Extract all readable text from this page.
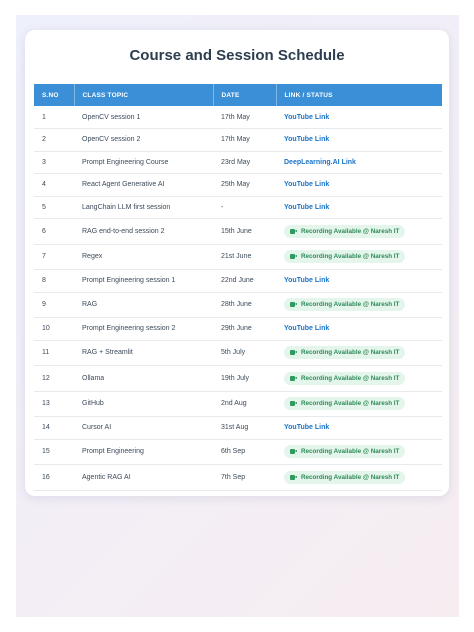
Course and Session Schedule
S.NO	CLASS TOPIC	DATE	LINK / STATUS
1	OpenCV session 1	17th May	YouTube Link
2	OpenCV session 2	17th May	YouTube Link
3	Prompt Engineering Course	23rd May	DeepLearning.AI Link
4	React Agent Generative AI	25th May	YouTube Link
5	LangChain LLM first session	-	YouTube Link
6	RAG end-to-end session 2	15th June	Recording Available @ Naresh IT

7	Regex	21st June	Recording Available @ Naresh IT

8	Prompt Engineering session 1	22nd June	YouTube Link
9	RAG	28th June	Recording Available @ Naresh IT

10	Prompt Engineering session 2	29th June	YouTube Link
11	RAG + Streamlit	5th July	Recording Available @ Naresh IT

12	Ollama	19th July	Recording Available @ Naresh IT

13	GitHub	2nd Aug	Recording Available @ Naresh IT

14	Cursor AI	31st Aug	YouTube Link
15	Prompt Engineering	6th Sep	Recording Available @ Naresh IT

16	Agentic RAG AI	7th Sep	Recording Available @ Naresh IT
